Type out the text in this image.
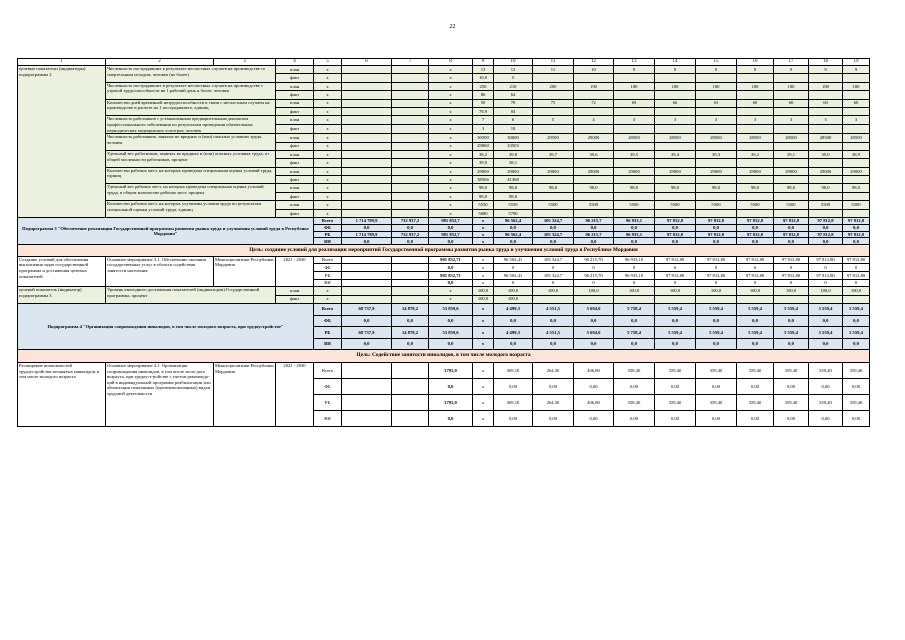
22
1	2	3	4	5	6	7	8	9	10	11	12	13	14	15	16	17	18	19
целевые показатели (индикаторы) подпрограммы 2	Численность пострадавших в результате несчастных случаев на производстве со смертельным исходом, человек (не более)		план	x			x	13	12	11	10	9	9	9	9	9	9	9
			факт	x			x	10,0	5									
	Численность пострадавших в результате несчастных случаев на производстве с утратой трудоспособности на 1 рабочий день и более, человек		план	x			x	250	210	200	190	180	180	180	180	180	180	180
			факт	x			x	86	64									
	Количество дней временной нетрудоспособности в связи с несчастным случаем на производстве в расчете на 1 пострадавшего, единиц		план	x			x	50	78	75	72	69	66	63	60	60	60	60
			факт	x			x	78,9	84									
	Численность работников с установленным предварительным диагнозом профессионального заболевания по результатам проведения обязательных периодических медицинских осмотров, человек		план	x			x	7	6	5	4	3	3	3	3	3	3	3
			факт	x			x	3	10									
	Численность работников, занятых во вредных и (или) опасных условиях труда, человек		план	x			x	30500	30000	29500	29000	28500	28500	28500	28500	28500	28500	28500
			факт	x			x	29060	23503									
	Удельный вес работников, занятых во вредных и (или) опасных условиях труда, от общей численности работников, процент		план	x			x	38,2	39,8	39,7	39,6	39,5	39,4	39,3	39,2	39,1	39,0	38,9
			факт	x			x	39,9	38,1									
	Количество рабочих мест, на которых проведена специальная оценка условий труда, единиц		план	x			x	29000	29000	29000	29000	29000	29000	29000	29000	29000	29000	29000
			факт	x			x	38566	41368									
	Удельный вес рабочих мест, на которых проведена специальная оценка условий труда, в общем количестве рабочих мест, процент		план	x			x	98,0	98,0	98,0	98,0	98,0	98,0	98,0	98,0	98,0	98,0	98,0
			факт	x			x	98,0	98,0									
	Количество рабочих мест, на которых улучшены условия труда по результатам специальной оценки условий труда, единиц		план	x			x	5550	5550	5500	5500	5500	5500	5500	5500	5500	5500	5500
			факт	x			x	5680	5790									
Подпрограмма 3 "Обеспечение реализации Государственной программы развития рынка труда и улучшения условий труда в Республике Мордовия"				Всего	1 714 789,9	732 937,2	981 852,7	x	96 562,4	105 324,7	96 215,7	96 933,1	97 812,8	97 812,8	97 812,8	97 812,8	97 812,8	97 812,8
				ФБ	0,0	0,0	0,0	x	0,0	0,0	0,0	0,0	0,0	0,0	0,0	0,0	0,0	0,0
				РБ	1 714 789,9	732 937,2	981 852,7	x	96 562,4	105 324,7	96 215,7	96 933,1	97 812,8	97 812,8	97 812,8	97 812,8	97 812,8	97 812,8
				ВИ	0,0	0,0	0,0	x	0,0	0,0	0,0	0,0	0,0	0,0	0,0	0,0	0,0	0,0
Цель: создание условий для реализации мероприятий Государственной программы развития рынка труда и улучшения условий труда в Республике Мордовия																		
Создание условий для обеспечения выполнения задач государственной программы и достижения целевых показателей	Основное мероприятие 3.1. Обеспечение оказания государственных услуг в области содействия занятости населения	Минсоцполитики Республики Мордовия	2021 - 2030	Всего			981 852,71	x	96 502,41	105 324,7	96 215,70	96 933,10	97 812,80	97 812,80	97 812,80	97 812,80	97 812,80	97 812,80
				ФБ			0,0	x	0	0	0	0	0	0	0	0	0	0
				РБ			981 852,71	x	96 502,41	105 324,7	96 215,70	96 933,10	97 812,80	97 812,80	97 812,80	97 812,80	97 812,80	97 812,80
				ВИ			0,0	x	0	0	0	0	0	0	0	0	0	0
целевой показатель (индикатор) подпрограммы 3	Уровень ежегодного достижения показателей (индикаторов) Государственной программы, процент		план	x			x	100,0	100,0	100,0	100,0	100,0	100,0	100,0	100,0	100,0	100,0	100,0
			факт	x			x	100,0	100,0									
Подпрограмма 4 "Организация сопровождения инвалидов, в том числе молодого возраста, при трудоустройстве"				Всего	68 737,8	14 878,2	53 859,6	x	4 499,3	4 551,5	5 694,0	5 758,4	5 559,4	5 559,4	5 559,4	5 559,4	5 559,4	5 559,4
				ФБ	0,0	0,0	0,0	x	0,0	0,0	0,0	0,0	0,0	0,0	0,0	0,0	0,0	0,0
				РБ	68 737,8	14 878,2	53 859,6	x	4 499,3	4 551,5	5 694,0	5 758,4	5 559,4	5 559,4	5 559,4	5 559,4	5 559,4	5 559,4
				ВИ	0,0	0,0	0,0	x	0,0	0,0	0,0	0,0	0,0	0,0	0,0	0,0	0,0	0,0
Цель: Содействие занятости инвалидов, в том числе молодого возраста																		
Расширение возможностей трудоустройства незанятых инвалидов, в том числе молодого возраста	Основное мероприятие 4.1. Организация сопровождения инвалидов, в том числе моло-дого возраста, при трудоуст-ройстве с учетом рекоменда-ций в индивидуальной программе реабилитации или абилитации показанных (противопоказанных) видов трудовой деятельности	Минсоцполитики Республики Мордовия	2021 - 2030	Всего			3795,0	x	409,10	264,30	406,80	558,40	359,40	359,40	359,40	359,40	359,40	359,40
				ФБ			0,0	x	0,00	0,00	0,00	0,00	0,00	0,00	0,00	0,00	0,00	0,00
				РБ			3795,0	x	409,10	264,30	406,80	558,40	359,40	359,40	359,40	359,40	359,40	359,40
				ВИ			0,0	x	0,00	0,00	0,00	0,00	0,00	0,00	0,00	0,00	0,00	0,00
